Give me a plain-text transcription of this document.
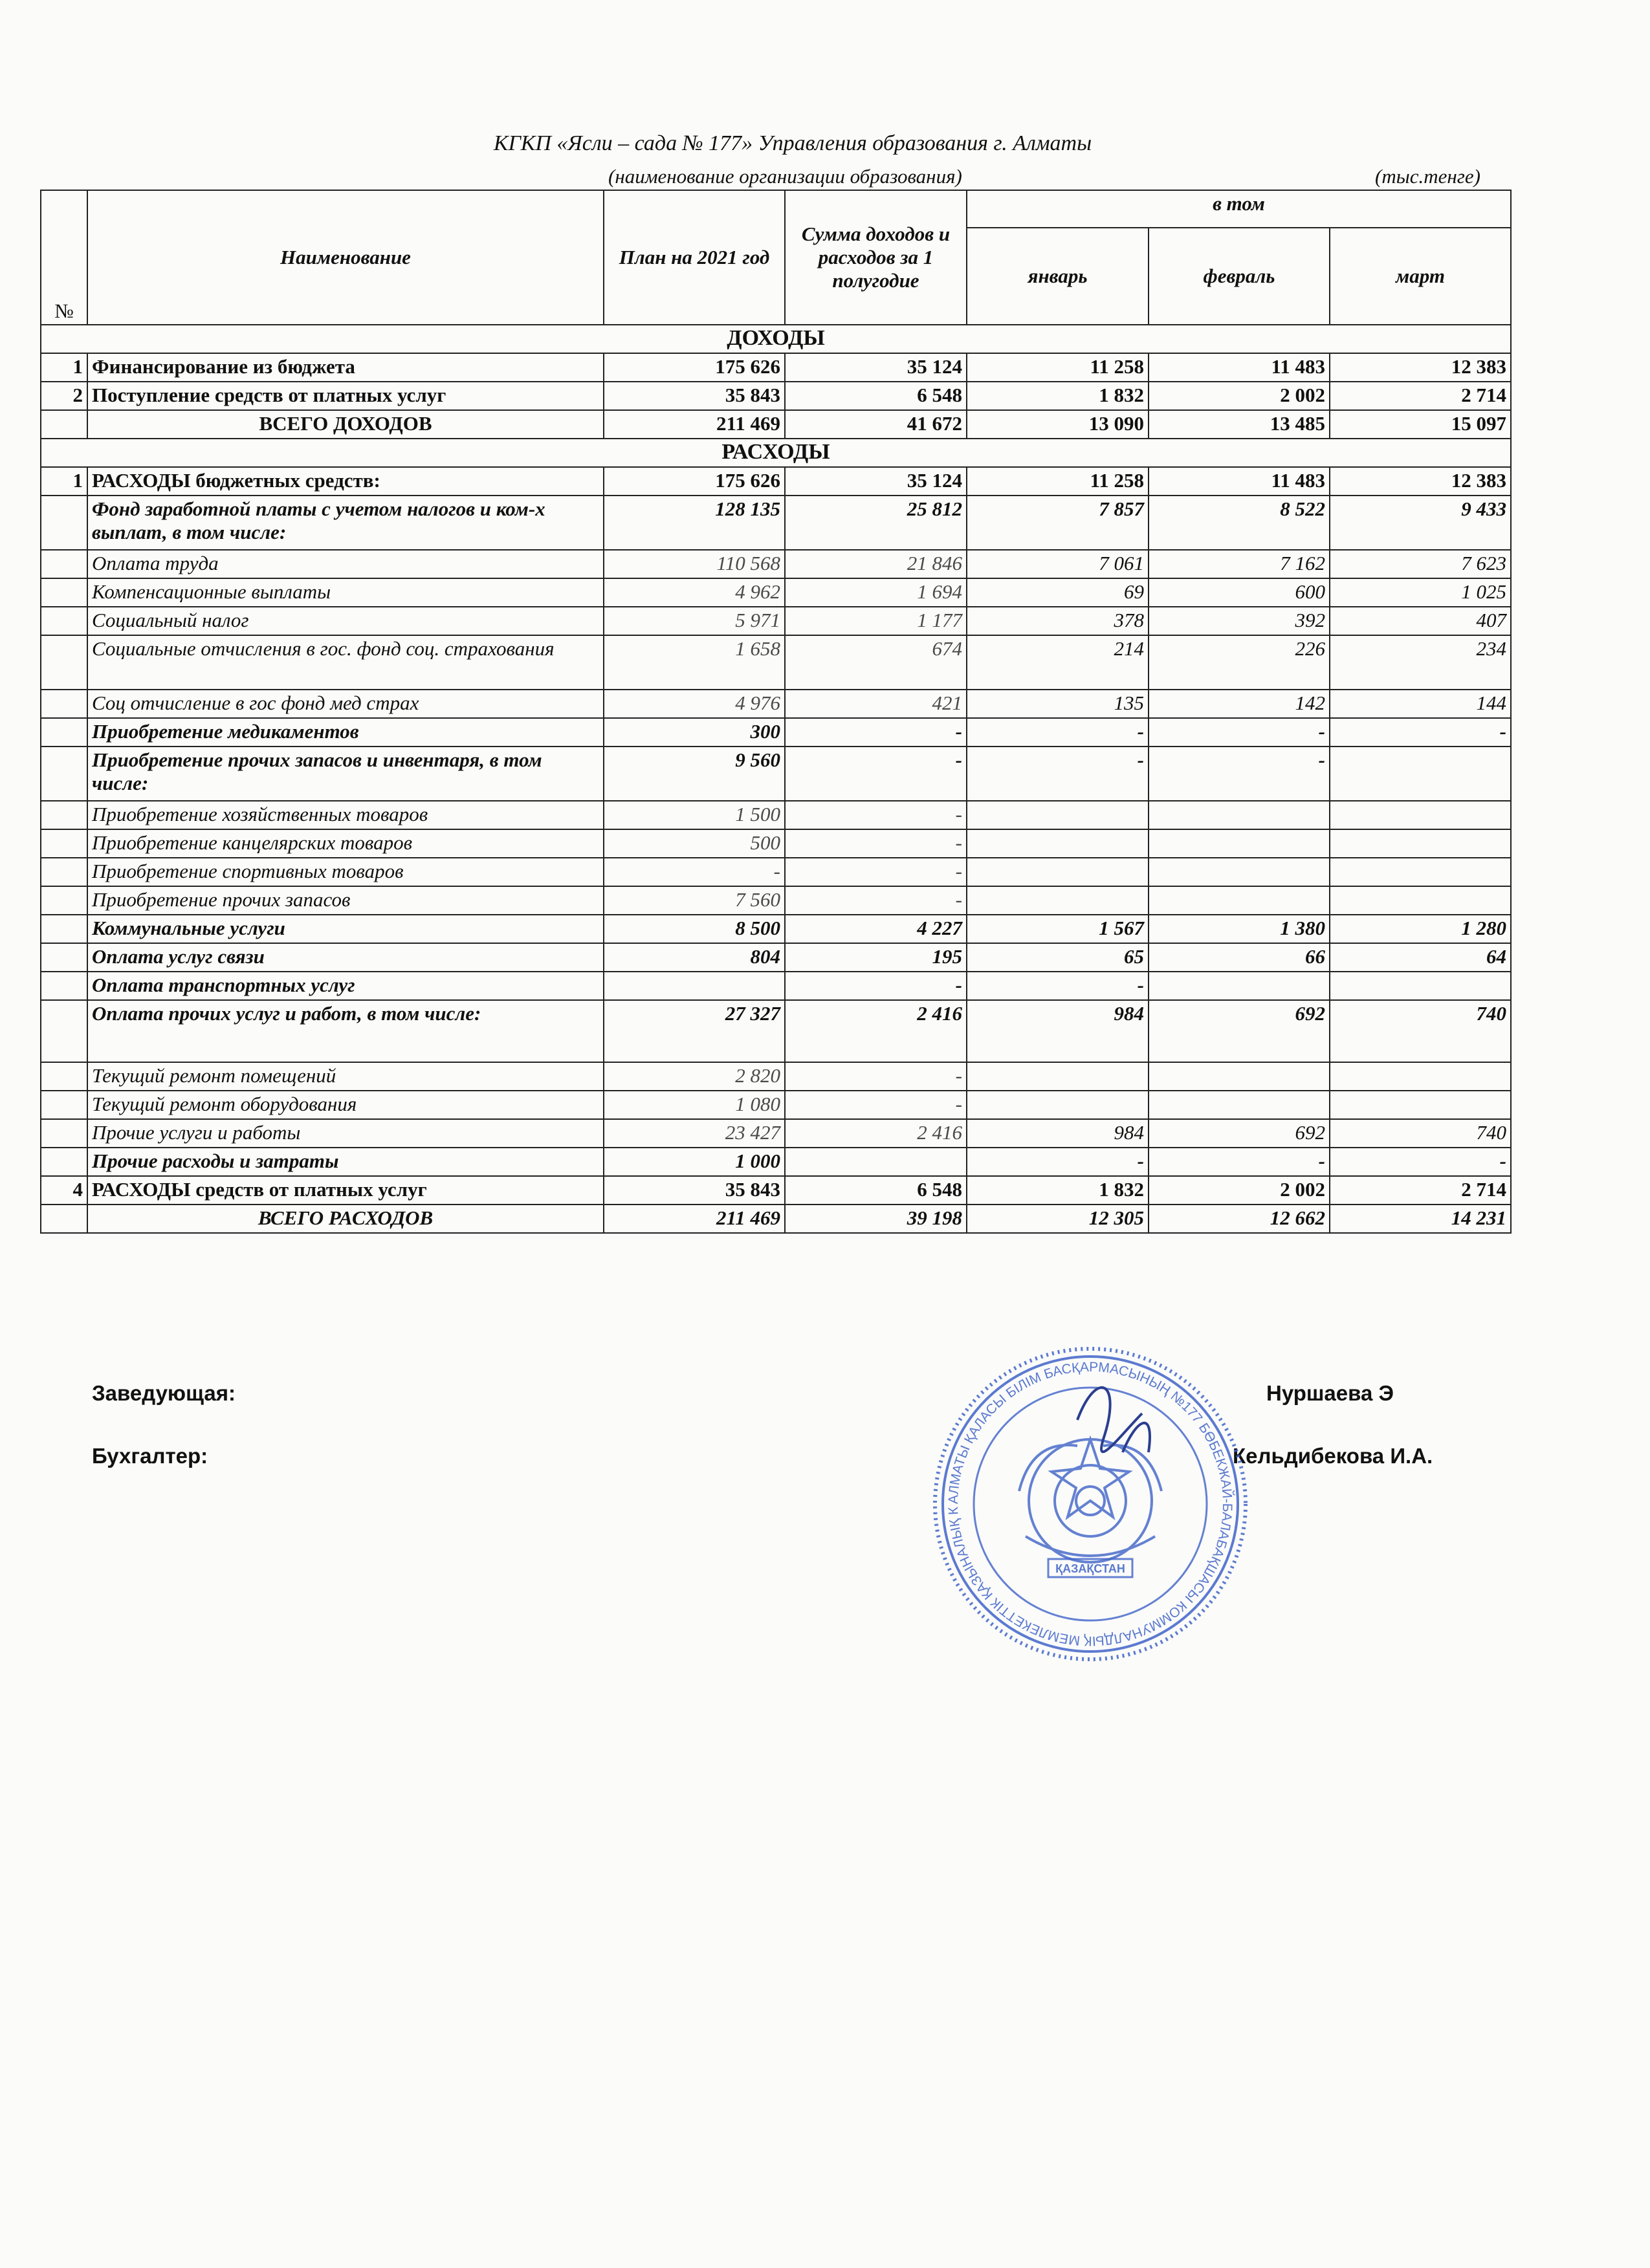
КГКП «Ясли – сада № 177» Управления образования г. Алматы
(наименование организации образования)	(тыс.тенге)
№	Наименование	План на 2021 год	Сумма доходов и расходов за 1 полугодие	в том		
				январь	февраль	март
ДОХОДЫ						
1	Финансирование из бюджета	175 626	35 124	11 258	11 483	12 383
2	Поступление средств от платных услуг	35 843	6 548	1 832	2 002	2 714
	ВСЕГО ДОХОДОВ	211 469	41 672	13 090	13 485	15 097
РАСХОДЫ						
1	РАСХОДЫ бюджетных средств:	175 626	35 124	11 258	11 483	12 383
	Фонд заработной платы с учетом налогов и ком-х выплат, в том числе:	128 135	25 812	7 857	8 522	9 433
	Оплата труда	110 568	21 846	7 061	7 162	7 623
	Компенсационные выплаты	4 962	1 694	69	600	1 025
	Социальный налог	5 971	1 177	378	392	407
	Социальные отчисления в гос. фонд соц. страхования	1 658	674	214	226	234
	Соц отчисление в гос фонд мед страх	4 976	421	135	142	144
	Приобретение медикаментов	300	-	-	-	-
	Приобретение прочих запасов и инвентаря, в том числе:	9 560	-	-	-	
	Приобретение хозяйственных товаров	1 500	-			
	Приобретение канцелярских товаров	500	-			
	Приобретение спортивных товаров	-	-			
	Приобретение прочих запасов	7 560	-			
	Коммунальные услуги	8 500	4 227	1 567	1 380	1 280
	Оплата услуг связи	804	195	65	66	64
	Оплата транспортных услуг		-	-		
	Оплата прочих услуг и работ, в том числе:	27 327	2 416	984	692	740
	Текущий ремонт помещений	2 820	-			
	Текущий ремонт оборудования	1 080	-			
	Прочие услуги и работы	23 427	2 416	984	692	740
	Прочие расходы и затраты	1 000		-	-	-
4	РАСХОДЫ средств от платных услуг	35 843	6 548	1 832	2 002	2 714
	ВСЕГО РАСХОДОВ	211 469	39 198	12 305	12 662	14 231
Заведующая:	Нуршаева Э
Бухгалтер:	Кельдибекова И.А.
АЛМАТЫ ҚАЛАСЫ БІЛІМ БАСҚАРМАСЫНЫҢ №177 БӨБЕКЖАЙ-БАЛАБАҚШАСЫ КОММУНАЛДЫҚ МЕМЛЕКЕТТІК ҚАЗЫНАЛЫҚ К
ҚАЗАҚСТАН
